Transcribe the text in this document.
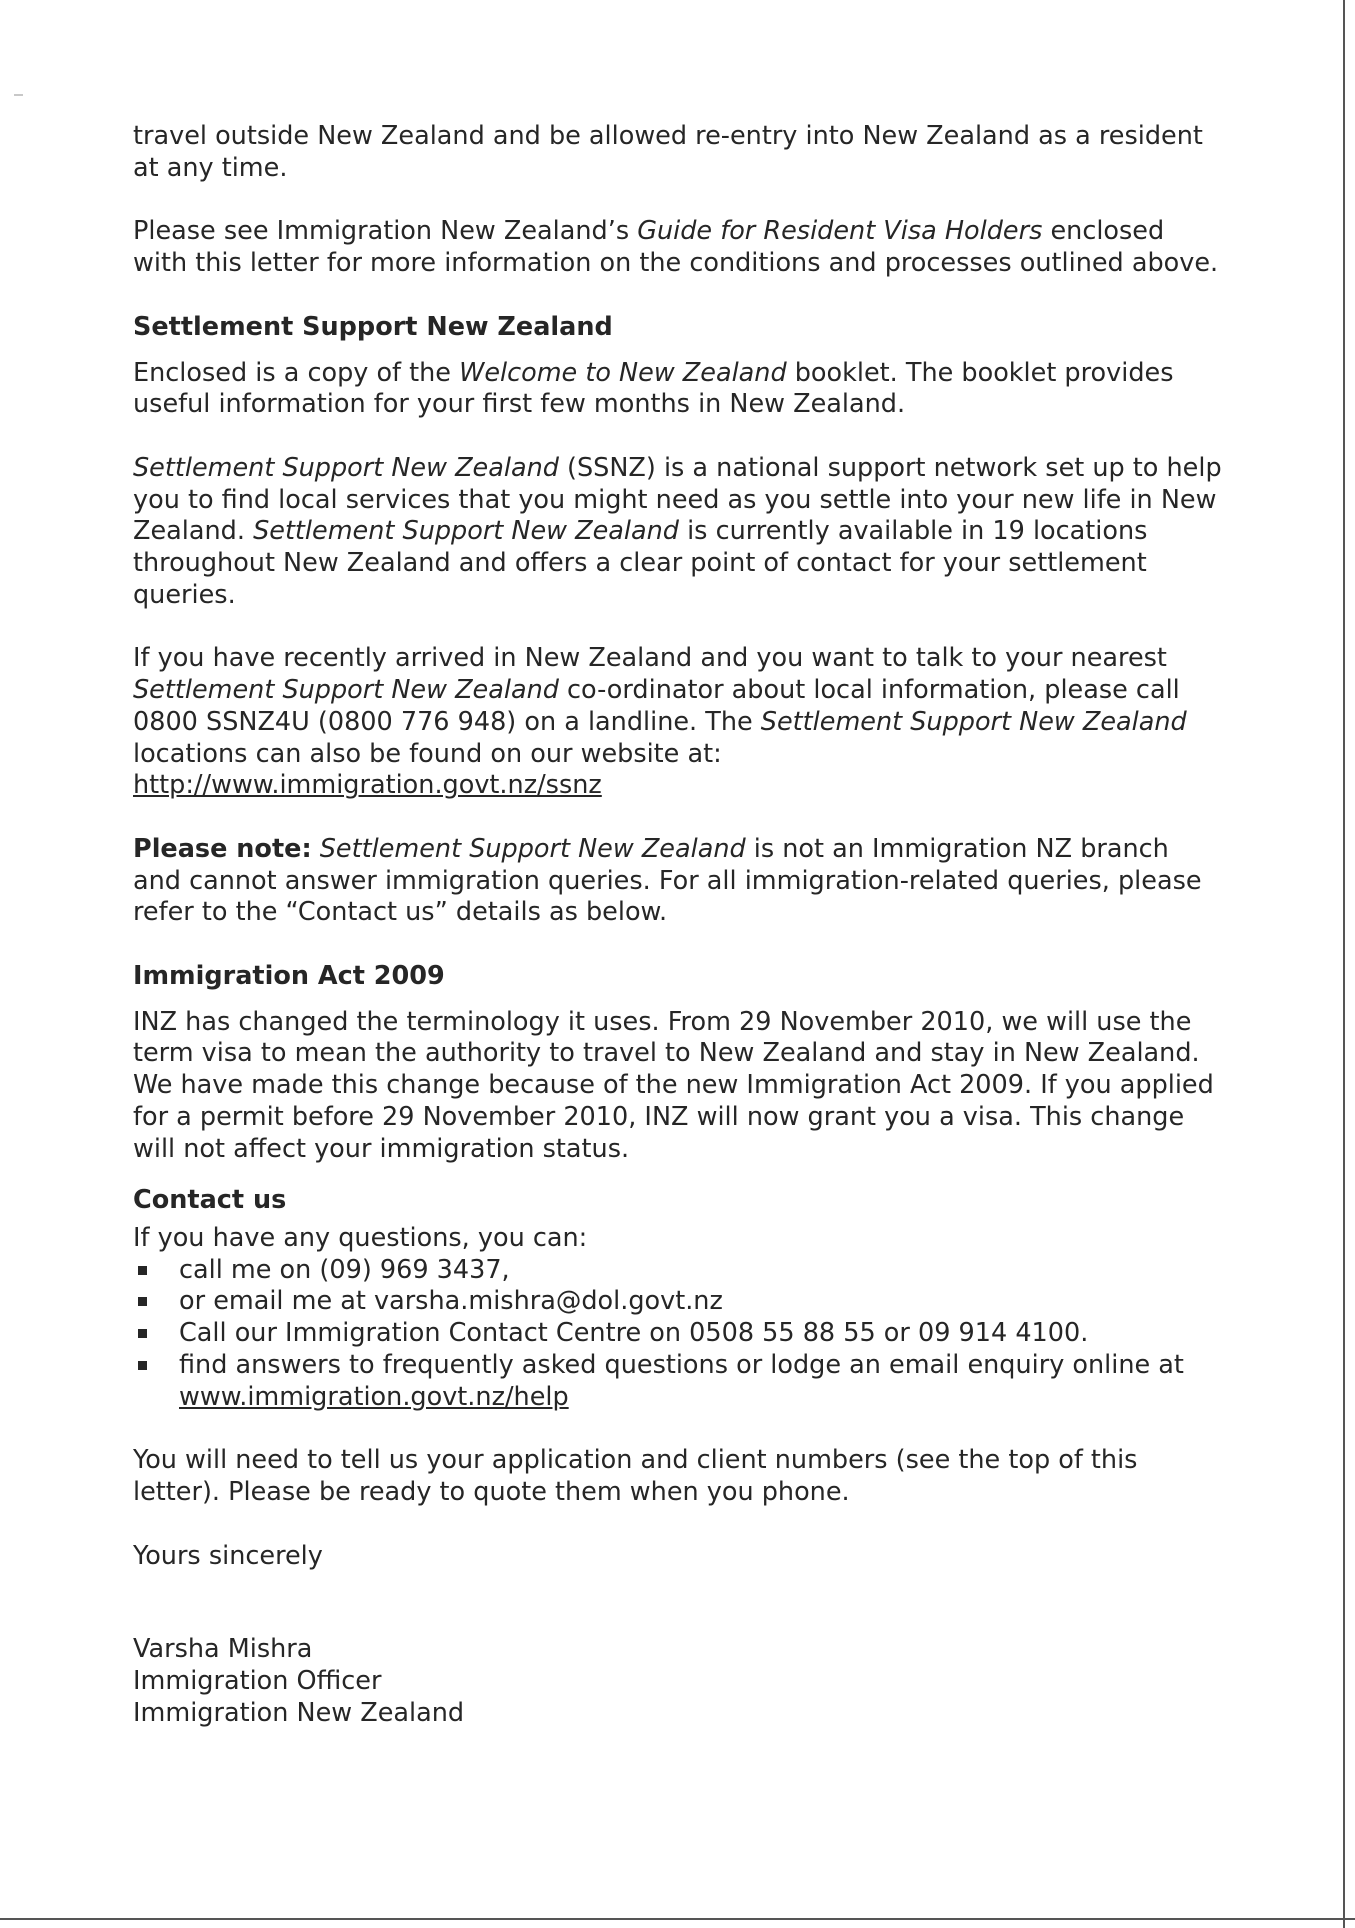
travel outside New Zealand and be allowed re-entry into New Zealand as a resident at any time.

Please see Immigration New Zealand’s Guide for Resident Visa Holders enclosed with this letter for more information on the conditions and processes outlined above.

Settlement Support New Zealand

Enclosed is a copy of the Welcome to New Zealand booklet. The booklet provides useful information for your first few months in New Zealand.

Settlement Support New Zealand (SSNZ) is a national support network set up to help you to find local services that you might need as you settle into your new life in New Zealand. Settlement Support New Zealand is currently available in 19 locations throughout New Zealand and offers a clear point of contact for your settlement queries.

If you have recently arrived in New Zealand and you want to talk to your nearest Settlement Support New Zealand co-ordinator about local information, please call 0800 SSNZ4U (0800 776 948) on a landline. The Settlement Support New Zealand locations can also be found on our website at:
http://www.immigration.govt.nz/ssnz

Please note: Settlement Support New Zealand is not an Immigration NZ branch and cannot answer immigration queries. For all immigration-related queries, please refer to the “Contact us” details as below.

Immigration Act 2009

INZ has changed the terminology it uses. From 29 November 2010, we will use the term visa to mean the authority to travel to New Zealand and stay in New Zealand. We have made this change because of the new Immigration Act 2009. If you applied for a permit before 29 November 2010, INZ will now grant you a visa. This change will not affect your immigration status.

Contact us

If you have any questions, you can:

call me on (09) 969 3437,
or email me at varsha.mishra@dol.govt.nz
Call our Immigration Contact Centre on 0508 55 88 55 or 09 914 4100.
find answers to frequently asked questions or lodge an email enquiry online at www.immigration.govt.nz/help

You will need to tell us your application and client numbers (see the top of this letter). Please be ready to quote them when you phone.

Yours sincerely

Varsha Mishra
Immigration Officer
Immigration New Zealand
